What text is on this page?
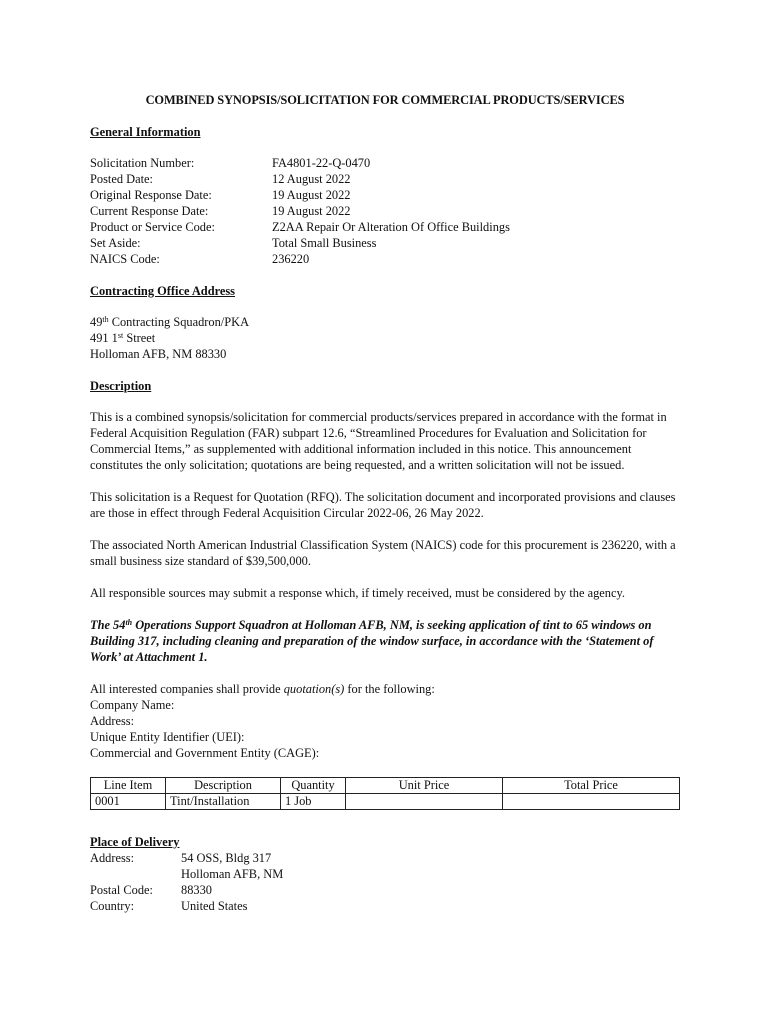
COMBINED SYNOPSIS/SOLICITATION FOR COMMERCIAL PRODUCTS/SERVICES
General Information
Solicitation Number:	FA4801-22-Q-0470
Posted Date:	12 August 2022
Original Response Date:	19 August 2022
Current Response Date:	19 August 2022
Product or Service Code:	Z2AA Repair Or Alteration Of Office Buildings
Set Aside:	Total Small Business
NAICS Code:	236220
Contracting Office Address
49th Contracting Squadron/PKA
491 1st Street
Holloman AFB, NM 88330
Description

This is a combined synopsis/solicitation for commercial products/services prepared in accordance with the format in Federal Acquisition Regulation (FAR) subpart 12.6, “Streamlined Procedures for Evaluation and Solicitation for Commercial Items,” as supplemented with additional information included in this notice. This announcement constitutes the only solicitation; quotations are being requested, and a written solicitation will not be issued.

This solicitation is a Request for Quotation (RFQ). The solicitation document and incorporated provisions and clauses are those in effect through Federal Acquisition Circular 2022-06, 26 May 2022.

The associated North American Industrial Classification System (NAICS) code for this procurement is 236220, with a small business size standard of $39,500,000.

All responsible sources may submit a response which, if timely received, must be considered by the agency.

The 54th Operations Support Squadron at Holloman AFB, NM, is seeking application of tint to 65 windows on Building 317, including cleaning and preparation of the window surface, in accordance with the ‘Statement of Work’ at Attachment 1.

All interested companies shall provide quotation(s) for the following:
Company Name:
Address:
Unique Entity Identifier (UEI):
Commercial and Government Entity (CAGE):
Line Item	Description	Quantity	Unit Price	Total Price
0001	Tint/Installation	1 Job		
Place of Delivery
Address:	54 OSS, Bldg 317
Holloman AFB, NM
Postal Code:	88330
Country:	United States
